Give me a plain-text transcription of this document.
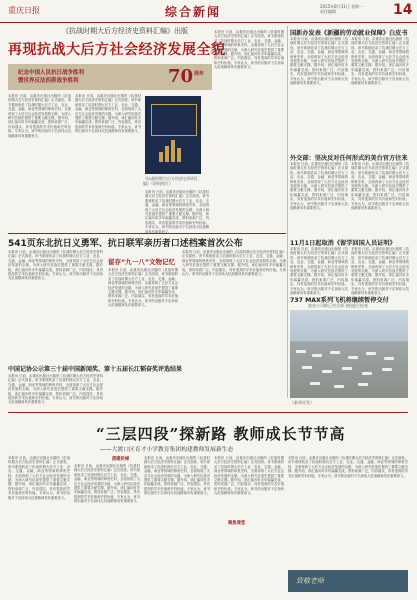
重庆日报	综合新闻	2015年8月31日 星期一
责任编辑	14
《抗战时期大后方经济史资料汇编》出版
再现抗战大后方社会经济发展全貌
纪念中国人民抗日战争胜利
暨世界反法西斯战争胜利	70 周年
本报讯 日前，由重庆出版社出版的《抗战时期大后方经济史资料汇编》正式面世。该书系统收录了抗战时期大后方工业、农业、交通、金融、商业等领域的珍贵史料，全面再现了大后方社会经济发展的全貌，为深入研究抗战史提供了重要文献支撑。据介绍，该汇编历时多年编纂完成，资料来源广泛，内容翔实，具有很高的学术价值和史料价值。专家认为，该书的出版对于弘扬伟大抗战精神具有重要意义。
本报讯 日前，由重庆出版社出版的《抗战时期大后方经济史资料汇编》正式面世。该书系统收录了抗战时期大后方工业、农业、交通、金融、商业等领域的珍贵史料，全面再现了大后方社会经济发展的全貌，为深入研究抗战史提供了重要文献支撑。据介绍，该汇编历时多年编纂完成，资料来源广泛，内容翔实，具有很高的学术价值和史料价值。专家认为，该书的出版对于弘扬伟大抗战精神具有重要意义。
《抗战时期大后方经济史资料汇编》（资料图片）
本报讯 日前，由重庆出版社出版的《抗战时期大后方经济史资料汇编》正式面世。该书系统收录了抗战时期大后方工业、农业、交通、金融、商业等领域的珍贵史料，全面再现了大后方社会经济发展的全貌，为深入研究抗战史提供了重要文献支撑。据介绍，该汇编历时多年编纂完成，资料来源广泛，内容翔实，具有很高的学术价值和史料价值。专家认为，该书的出版对于弘扬伟大抗战精神具有重要意义。
本报讯 日前，由重庆出版社出版的《抗战时期大后方经济史资料汇编》正式面世。该书系统收录了抗战时期大后方工业、农业、交通、金融、商业等领域的珍贵史料，全面再现了大后方社会经济发展的全貌，为深入研究抗战史提供了重要文献支撑。据介绍，该汇编历时多年编纂完成，资料来源广泛，内容翔实，具有很高的学术价值和史料价值。专家认为，该书的出版对于弘扬伟大抗战精神具有重要意义。
541页东北抗日义勇军、抗日联军亲历者口述档案首次公布
本报讯 日前，由重庆出版社出版的《抗战时期大后方经济史资料汇编》正式面世。该书系统收录了抗战时期大后方工业、农业、交通、金融、商业等领域的珍贵史料，全面再现了大后方社会经济发展的全貌，为深入研究抗战史提供了重要文献支撑。据介绍，该汇编历时多年编纂完成，资料来源广泛，内容翔实，具有很高的学术价值和史料价值。专家认为，该书的出版对于弘扬伟大抗战精神具有重要意义。
留存“九一八”文物记忆
本报讯 日前，由重庆出版社出版的《抗战时期大后方经济史资料汇编》正式面世。该书系统收录了抗战时期大后方工业、农业、交通、金融、商业等领域的珍贵史料，全面再现了大后方社会经济发展的全貌，为深入研究抗战史提供了重要文献支撑。据介绍，该汇编历时多年编纂完成，资料来源广泛，内容翔实，具有很高的学术价值和史料价值。专家认为，该书的出版对于弘扬伟大抗战精神具有重要意义。
本报讯 日前，由重庆出版社出版的《抗战时期大后方经济史资料汇编》正式面世。该书系统收录了抗战时期大后方工业、农业、交通、金融、商业等领域的珍贵史料，全面再现了大后方社会经济发展的全貌，为深入研究抗战史提供了重要文献支撑。据介绍，该汇编历时多年编纂完成，资料来源广泛，内容翔实，具有很高的学术价值和史料价值。专家认为，该书的出版对于弘扬伟大抗战精神具有重要意义。
中国记协公示第三十届中国新闻奖、第十五届长江韬奋奖评选结果
本报讯 日前，由重庆出版社出版的《抗战时期大后方经济史资料汇编》正式面世。该书系统收录了抗战时期大后方工业、农业、交通、金融、商业等领域的珍贵史料，全面再现了大后方社会经济发展的全貌，为深入研究抗战史提供了重要文献支撑。据介绍，该汇编历时多年编纂完成，资料来源广泛，内容翔实，具有很高的学术价值和史料价值。专家认为，该书的出版对于弘扬伟大抗战精神具有重要意义。
国新办发表《新疆的劳动就业保障》白皮书
本报讯 日前，由重庆出版社出版的《抗战时期大后方经济史资料汇编》正式面世。该书系统收录了抗战时期大后方工业、农业、交通、金融、商业等领域的珍贵史料，全面再现了大后方社会经济发展的全貌，为深入研究抗战史提供了重要文献支撑。据介绍，该汇编历时多年编纂完成，资料来源广泛，内容翔实，具有很高的学术价值和史料价值。专家认为，该书的出版对于弘扬伟大抗战精神具有重要意义。
本报讯 日前，由重庆出版社出版的《抗战时期大后方经济史资料汇编》正式面世。该书系统收录了抗战时期大后方工业、农业、交通、金融、商业等领域的珍贵史料，全面再现了大后方社会经济发展的全貌，为深入研究抗战史提供了重要文献支撑。据介绍，该汇编历时多年编纂完成，资料来源广泛，内容翔实，具有很高的学术价值和史料价值。专家认为，该书的出版对于弘扬伟大抗战精神具有重要意义。
外交部：坚决反对任何形式的美台官方往来
本报讯 日前，由重庆出版社出版的《抗战时期大后方经济史资料汇编》正式面世。该书系统收录了抗战时期大后方工业、农业、交通、金融、商业等领域的珍贵史料，全面再现了大后方社会经济发展的全貌，为深入研究抗战史提供了重要文献支撑。据介绍，该汇编历时多年编纂完成，资料来源广泛，内容翔实，具有很高的学术价值和史料价值。专家认为，该书的出版对于弘扬伟大抗战精神具有重要意义。
本报讯 日前，由重庆出版社出版的《抗战时期大后方经济史资料汇编》正式面世。该书系统收录了抗战时期大后方工业、农业、交通、金融、商业等领域的珍贵史料，全面再现了大后方社会经济发展的全貌，为深入研究抗战史提供了重要文献支撑。据介绍，该汇编历时多年编纂完成，资料来源广泛，内容翔实，具有很高的学术价值和史料价值。专家认为，该书的出版对于弘扬伟大抗战精神具有重要意义。
11月1日起取消《留学回国人员证明》
本报讯 日前，由重庆出版社出版的《抗战时期大后方经济史资料汇编》正式面世。该书系统收录了抗战时期大后方工业、农业、交通、金融、商业等领域的珍贵史料，全面再现了大后方社会经济发展的全貌，为深入研究抗战史提供了重要文献支撑。据介绍，该汇编历时多年编纂完成，资料来源广泛，内容翔实，具有很高的学术价值和史料价值。专家认为，该书的出版对于弘扬伟大抗战精神具有重要意义。
本报讯 日前，由重庆出版社出版的《抗战时期大后方经济史资料汇编》正式面世。该书系统收录了抗战时期大后方工业、农业、交通、金融、商业等领域的珍贵史料，全面再现了大后方社会经济发展的全貌，为深入研究抗战史提供了重要文献支撑。据介绍，该汇编历时多年编纂完成，资料来源广泛，内容翔实，具有很高的学术价值和史料价值。专家认为，该书的出版对于弘扬伟大抗战精神具有重要意义。
737 MAX系列飞机将继续暂停交付
波音公司称已对全部飞机进行检查
（新华社发）
“三层四段”探新路 教师成长节节高
——大渡口区育才小学教育集团构建教师发展新生态
本报讯 日前，由重庆出版社出版的《抗战时期大后方经济史资料汇编》正式面世。该书系统收录了抗战时期大后方工业、农业、交通、金融、商业等领域的珍贵史料，全面再现了大后方社会经济发展的全貌，为深入研究抗战史提供了重要文献支撑。据介绍，该汇编历时多年编纂完成，资料来源广泛，内容翔实，具有很高的学术价值和史料价值。专家认为，该书的出版对于弘扬伟大抗战精神具有重要意义。
搭建阶梯
本报讯 日前，由重庆出版社出版的《抗战时期大后方经济史资料汇编》正式面世。该书系统收录了抗战时期大后方工业、农业、交通、金融、商业等领域的珍贵史料，全面再现了大后方社会经济发展的全貌，为深入研究抗战史提供了重要文献支撑。据介绍，该汇编历时多年编纂完成，资料来源广泛，内容翔实，具有很高的学术价值和史料价值。专家认为，该书的出版对于弘扬伟大抗战精神具有重要意义。
本报讯 日前，由重庆出版社出版的《抗战时期大后方经济史资料汇编》正式面世。该书系统收录了抗战时期大后方工业、农业、交通、金融、商业等领域的珍贵史料，全面再现了大后方社会经济发展的全貌，为深入研究抗战史提供了重要文献支撑。据介绍，该汇编历时多年编纂完成，资料来源广泛，内容翔实，具有很高的学术价值和史料价值。专家认为，该书的出版对于弘扬伟大抗战精神具有重要意义。
聚焦课堂
本报讯 日前，由重庆出版社出版的《抗战时期大后方经济史资料汇编》正式面世。该书系统收录了抗战时期大后方工业、农业、交通、金融、商业等领域的珍贵史料，全面再现了大后方社会经济发展的全貌，为深入研究抗战史提供了重要文献支撑。据介绍，该汇编历时多年编纂完成，资料来源广泛，内容翔实，具有很高的学术价值和史料价值。专家认为，该书的出版对于弘扬伟大抗战精神具有重要意义。
本报讯 日前，由重庆出版社出版的《抗战时期大后方经济史资料汇编》正式面世。该书系统收录了抗战时期大后方工业、农业、交通、金融、商业等领域的珍贵史料，全面再现了大后方社会经济发展的全貌，为深入研究抗战史提供了重要文献支撑。据介绍，该汇编历时多年编纂完成，资料来源广泛，内容翔实，具有很高的学术价值和史料价值。专家认为，该书的出版对于弘扬伟大抗战精神具有重要意义。
致敬老师
